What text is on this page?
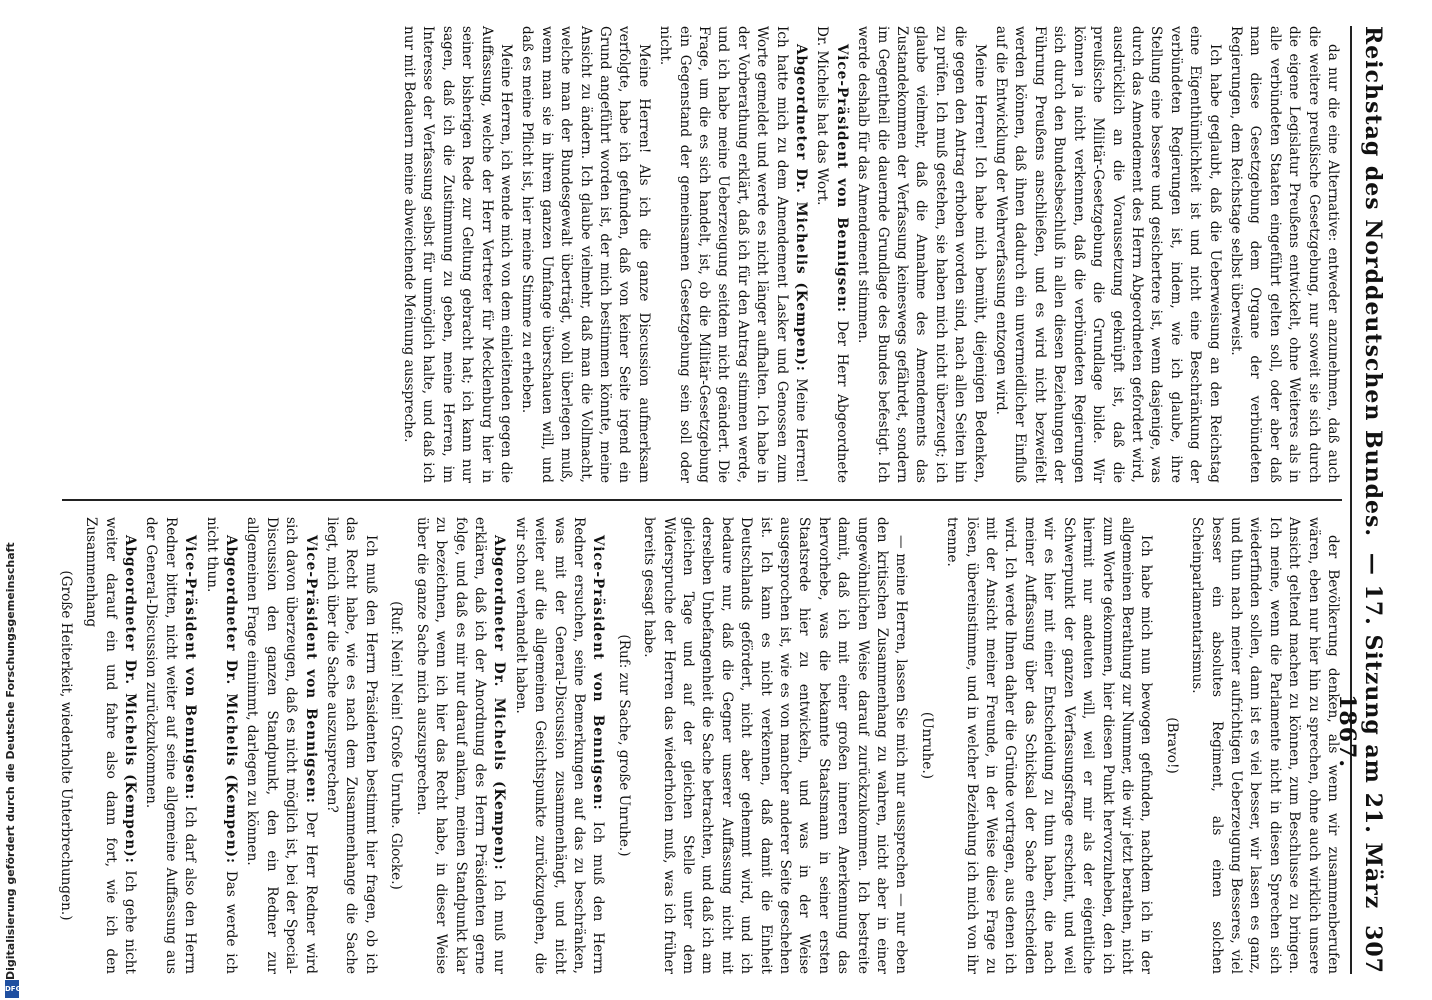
Reichstag des Norddeutschen Bundes.
— 17. Sitzung am 21. März 1867.
307

da nur die eine Alternative: entweder anzunehmen, daß auch die weitere preußische Gesetzgebung, nur soweit sie sich durch die eigene Legislatur Preußens entwickelt, ohne Weiteres als in alle verbündeten Staaten eingeführt gelten soll, oder aber daß man diese Gesetzgebung dem Organe der verbündeten Regierungen, dem Reichstage selbst überweist.

Ich habe geglaubt, daß die Ueberweisung an den Reichstag eine Eigenthümlichkeit ist und nicht eine Beschränkung der verbündeten Regierungen ist, indem, wie ich glaube, ihre Stellung eine bessere und gesichertere ist, wenn dasjenige, was durch das Amendement des Herrn Abgeordneten gefordert wird, ausdrücklich an die Voraussetzung geknüpft ist, daß die preußische Militär-Gesetzgebung die Grundlage bilde. Wir können ja nicht verkennen, daß die verbündeten Regierungen sich durch den Bundesbeschluß in allen diesen Beziehungen der Führung Preußens anschließen, und es wird nicht bezweifelt werden können, daß ihnen dadurch ein unvermeidlicher Einfluß auf die Entwicklung der Wehrverfassung entzogen wird.

Meine Herren! Ich habe mich bemüht, diejenigen Bedenken, die gegen den Antrag erhoben worden sind, nach allen Seiten hin zu prüfen. Ich muß gestehen, sie haben mich nicht überzeugt; ich glaube vielmehr, daß die Annahme des Amendements das Zustandekommen der Verfassung keineswegs gefährdet, sondern im Gegentheil die dauernde Grundlage des Bundes befestigt. Ich werde deshalb für das Amendement stimmen.

Vice-Präsident von Bennigsen: Der Herr Abgeordnete Dr. Michelis hat das Wort.

Abgeordneter Dr. Michelis (Kempen): Meine Herren! Ich hatte mich zu dem Amendement Lasker und Genossen zum Worte gemeldet und werde es nicht länger aufhalten. Ich habe in der Vorberathung erklärt, daß ich für den Antrag stimmen werde, und ich habe meine Ueberzeugung seitdem nicht geändert. Die Frage, um die es sich handelt, ist, ob die Militär-Gesetzgebung ein Gegenstand der gemeinsamen Gesetzgebung sein soll oder nicht.

Meine Herren! Als ich die ganze Discussion aufmerksam verfolgte, habe ich gefunden, daß von keiner Seite irgend ein Grund angeführt worden ist, der mich bestimmen könnte, meine Ansicht zu ändern. Ich glaube vielmehr, daß man die Vollmacht, welche man der Bundesgewalt überträgt, wohl überlegen muß, wenn man sie in ihrem ganzen Umfange überschauen will, und daß es meine Pflicht ist, hier meine Stimme zu erheben.

Meine Herren, ich wende mich von dem einleitenden gegen die Auffassung, welche der Herr Vertreter für Mecklenburg hier in seiner bisherigen Rede zur Geltung gebracht hat; ich kann nur sagen, daß ich die Zustimmung zu geben, meine Herren, im Interesse der Verfassung selbst für unmöglich halte, und daß ich nur mit Bedauern meine abweichende Meinung ausspreche.

der Bevölkerung denken, als wenn wir zusammenberufen wären, eben nur hier hin zu sprechen, ohne auch wirklich unsere Ansicht geltend machen zu können, zum Beschlusse zu bringen. Ich meine, wenn die Parlamente nicht in diesen Sprechen sich wiederfinden sollen, dann ist es viel besser, wir lassen es ganz, und thun nach meiner aufrichtigen Ueberzeugung Besseres, viel besser ein absolutes Regiment, als einen solchen Scheinparlamentarismus.

(Bravo!)

Ich habe mich nun bewogen gefunden, nachdem ich in der allgemeinen Berathung zur Nummer, die wir jetzt berathen, nicht zum Worte gekommen, hier diesen Punkt hervorzuheben, den ich hiermit nur andeuten will, weil er mir als der eigentliche Schwerpunkt der ganzen Verfassungsfrage erscheint, und weil wir es hier mit einer Entscheidung zu thun haben, die nach meiner Auffassung über das Schicksal der Sache entscheiden wird. Ich werde Ihnen daher die Gründe vortragen, aus denen ich mit der Ansicht meiner Freunde, in der Weise diese Frage zu lösen, übereinstimme, und in welcher Beziehung ich mich von ihr trenne.

(Unruhe.)

— meine Herren, lassen Sie mich nur aussprechen — nur eben den kritischen Zusammenhang zu wahren, nicht aber in einer ungewöhnlichen Weise darauf zurückzukommen. Ich bestreite damit, daß ich mit einer großen inneren Anerkennung das hervorhebe, was die bekannte Staatsmann in seiner ersten Staatsrede hier zu entwickeln, und was in der Weise ausgesprochen ist, wie es von mancher anderer Seite geschehen ist. Ich kann es nicht verkennen, daß damit die Einheit Deutschlands gefördert, nicht aber gehemmt wird, und ich bedaure nur, daß die Gegner unserer Auffassung nicht mit derselben Unbefangenheit die Sache betrachten, und daß ich am gleichen Tage und auf der gleichen Stelle unter dem Widerspruche der Herren das wiederholen muß, was ich früher bereits gesagt habe.

(Ruf: zur Sache, große Unruhe.)

Vice-Präsident von Bennigsen: Ich muß den Herrn Redner ersuchen, seine Bemerkungen auf das zu beschränken, was mit der General-Discussion zusammenhängt, und nicht weiter auf die allgemeinen Gesichtspunkte zurückzugehen, die wir schon verhandelt haben.

Abgeordneter Dr. Michelis (Kempen): Ich muß nur erklären, daß ich der Anordnung des Herrn Präsidenten gerne folge, und daß es mir nur darauf ankam, meinen Standpunkt klar zu bezeichnen, wenn ich hier das Recht habe, in dieser Weise über die ganze Sache mich auszusprechen.

(Ruf: Nein! Nein! Große Unruhe. Glocke.)

Ich muß den Herrn Präsidenten bestimmt hier fragen, ob ich das Recht habe, wie es nach dem Zusammenhange die Sache liegt, mich über die Sache auszusprechen?

Vice-Präsident von Bennigsen: Der Herr Redner wird sich davon überzeugen, daß es nicht möglich ist, bei der Special-Discussion den ganzen Standpunkt, den ein Redner zur allgemeinen Frage einnimmt, darlegen zu können.

Abgeordneter Dr. Michelis (Kempen): Das werde ich nicht thun.

Vice-Präsident von Bennigsen: Ich darf also den Herrn Redner bitten, nicht weiter auf seine allgemeine Auffassung aus der General-Discussion zurückzukommen.

Abgeordneter Dr. Michelis (Kempen): Ich gehe nicht weiter darauf ein und fahre also dann fort, wie ich den Zusammenhang

(Große Heiterkeit, wiederholte Unterbrechungen.)

Digitalisierung gefördert durch die Deutsche Forschungsgemeinschaft
DFG
